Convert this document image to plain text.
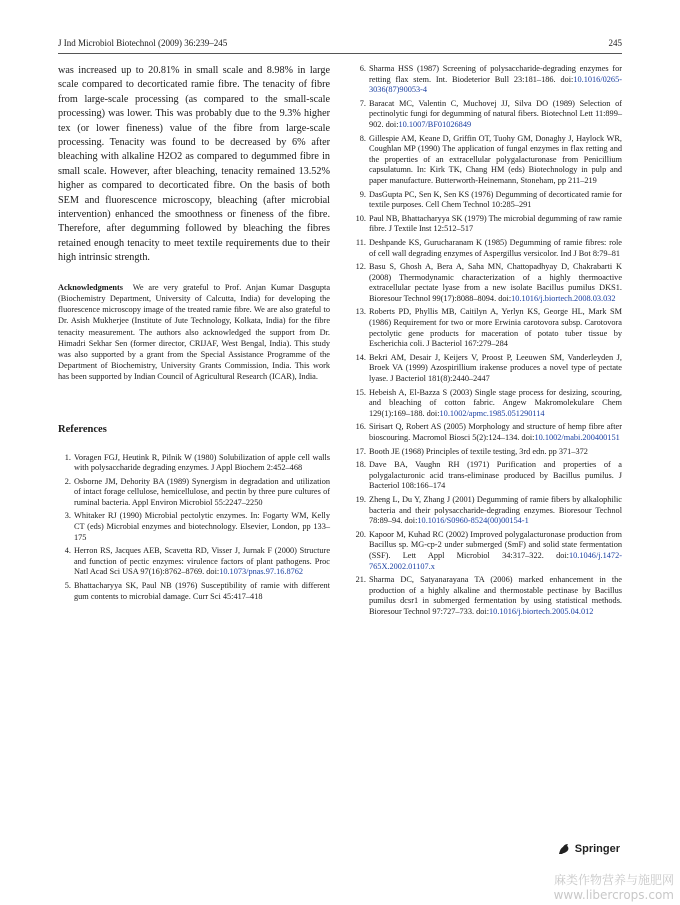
J Ind Microbiol Biotechnol (2009) 36:239–245	245

was increased up to 20.81% in small scale and 8.98% in large scale compared to decorticated ramie fibre. The tenacity of fibre from large-scale processing (as compared to the small-scale processing) was lower. This was probably due to the 9.3% higher tex (or lower fineness) value of the fibre from large-scale processing. Tenacity was found to be decreased by 6% after bleaching with alkaline H2O2 as compared to degummed fibre in small scale. However, after bleaching, tenacity remained 13.52% higher as compared to decorticated fibre. On the basis of both SEM and fluorescence microscopy, bleaching (after microbial intervention) enhanced the smoothness or fineness of the fibre. Therefore, after degumming followed by bleaching the fibres retained enough tenacity to meet textile requirements due to their high intrinsic strength.

Acknowledgments We are very grateful to Prof. Anjan Kumar Dasgupta (Biochemistry Department, University of Calcutta, India) for developing the fluorescence microscopy image of the treated ramie fibre. We are also grateful to Dr. Asish Mukherjee (Institute of Jute Technology, Kolkata, India) for the fibre tenacity measurement. The authors also acknowledged the support from Dr. Himadri Sekhar Sen (former director, CRIJAF, West Bengal, India). This study was also supported by a grant from the Special Assistance Programme of the Department of Biochemistry, University Grants Commission, India. This work has been supported by Indian Council of Agricultural Research (ICAR), India.

References
1. Voragen FGJ, Heutink R, Pilnik W (1980) Solubilization of apple cell walls with polysaccharide degrading enzymes. J Appl Biochem 2:452–468
2. Osborne JM, Dehority BA (1989) Synergism in degradation and utilization of intact forage cellulose, hemicellulose, and pectin by three pure cultures of ruminal bacteria. Appl Environ Microbiol 55:2247–2250
3. Whitaker RJ (1990) Microbial pectolytic enzymes. In: Fogarty WM, Kelly CT (eds) Microbial enzymes and biotechnology. Elsevier, London, pp 133–175
4. Herron RS, Jacques AEB, Scavetta RD, Visser J, Jurnak F (2000) Structure and function of pectic enzymes: virulence factors of plant pathogens. Proc Natl Acad Sci USA 97(16):8762–8769. doi:10.1073/pnas.97.16.8762
5. Bhattacharyya SK, Paul NB (1976) Susceptibility of ramie with different gum contents to microbial damage. Curr Sci 45:417–418
6. Sharma HSS (1987) Screening of polysaccharide-degrading enzymes for retting flax stem. Int. Biodeterior Bull 23:181–186. doi:10.1016/0265-3036(87)90053-4
7. Baracat MC, Valentin C, Muchovej JJ, Silva DO (1989) Selection of pectinolytic fungi for degumming of natural fibers. Biotechnol Lett 11:899–902. doi:10.1007/BF01026849
8. Gillespie AM, Keane D, Griffin OT, Tuohy GM, Donaghy J, Haylock WR, Coughlan MP (1990) The application of fungal enzymes in flax retting and the properties of an extracellular polygalacturonase from Penicillium capsulatumn. In: Kirk TK, Chang HM (eds) Biotechnology in pulp and paper manufacture. Butterworth-Heinemann, Stoneham, pp 211–219
9. DasGupta PC, Sen K, Sen KS (1976) Degumming of decorticated ramie for textile purposes. Cell Chem Technol 10:285–291
10. Paul NB, Bhattacharyya SK (1979) The microbial degumming of raw ramie fibre. J Textile Inst 12:512–517
11. Deshpande KS, Gurucharanam K (1985) Degumming of ramie fibres: role of cell wall degrading enzymes of Aspergillus versicolor. Ind J Bot 8:79–81
12. Basu S, Ghosh A, Bera A, Saha MN, Chattopadhyay D, Chakrabarti K (2008) Thermodynamic characterization of a highly thermoactive extracellular pectate lyase from a new isolate Bacillus pumilus DKS1. Bioresour Technol 99(17):8088–8094. doi:10.1016/j.biortech.2008.03.032
13. Roberts PD, Phyllis MB, Caitilyn A, Yerlyn KS, George HL, Mark SM (1986) Requirement for two or more Erwinia carotovora subsp. Carotovora pectolytic gene products for maceration of potato tuber tissue by Escherichia coli. J Bacteriol 167:279–284
14. Bekri AM, Desair J, Keijers V, Proost P, Leeuwen SM, Vanderleyden J, Broek VA (1999) Azospirillium irakense produces a novel type of pectate lyase. J Bacteriol 181(8):2440–2447
15. Hebeish A, El-Bazza S (2003) Single stage process for desizing, scouring, and bleaching of cotton fabric. Angew Makromolekulare Chem 129(1):169–188. doi:10.1002/apmc.1985.051290114
16. Sirisart Q, Robert AS (2005) Morphology and structure of hemp fibre after bioscouring. Macromol Biosci 5(2):124–134. doi:10.1002/mabi.200400151
17. Booth JE (1968) Principles of textile testing, 3rd edn. pp 371–372
18. Dave BA, Vaughn RH (1971) Purification and properties of a polygalacturonic acid trans-eliminase produced by Bacillus pumilus. J Bacteriol 108:166–174
19. Zheng L, Du Y, Zhang J (2001) Degumming of ramie fibers by alkalophilic bacteria and their polysaccharide-degrading enzymes. Bioresour Technol 78:89–94. doi:10.1016/S0960-8524(00)00154-1
20. Kapoor M, Kuhad RC (2002) Improved polygalacturonase production from Bacillus sp. MG-cp-2 under submerged (SmF) and solid state fermentation (SSF). Lett Appl Microbiol 34:317–322. doi:10.1046/j.1472-765X.2002.01107.x
21. Sharma DC, Satyanarayana TA (2006) marked enhancement in the production of a highly alkaline and thermostable pectinase by Bacillus pumilus dcsr1 in submerged fermentation by using statistical methods. Bioresour Technol 97:727–733. doi:10.1016/j.biortech.2005.04.012
Springer
麻类作物营养与施肥网
www.libercrops.com
